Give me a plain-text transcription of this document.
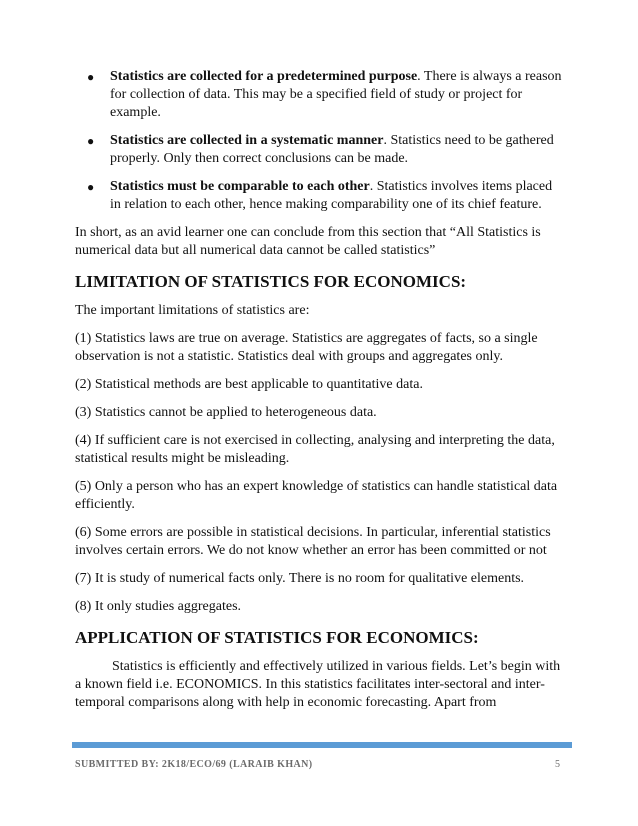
● Statistics are collected for a predetermined purpose. There is always a reason for collection of data. This may be a specified field of study or project for example.
● Statistics are collected in a systematic manner. Statistics need to be gathered properly. Only then correct conclusions can be made.
● Statistics must be comparable to each other. Statistics involves items placed in relation to each other, hence making comparability one of its chief feature.

In short, as an avid learner one can conclude from this section that “All Statistics is numerical data but all numerical data cannot be called statistics”

LIMITATION OF STATISTICS FOR ECONOMICS:

The important limitations of statistics are:

(1) Statistics laws are true on average. Statistics are aggregates of facts, so a single observation is not a statistic. Statistics deal with groups and aggregates only.

(2) Statistical methods are best applicable to quantitative data.

(3) Statistics cannot be applied to heterogeneous data.

(4) If sufficient care is not exercised in collecting, analysing and interpreting the data, statistical results might be misleading.

(5) Only a person who has an expert knowledge of statistics can handle statistical data efficiently.

(6) Some errors are possible in statistical decisions. In particular, inferential statistics involves certain errors. We do not know whether an error has been committed or not

(7) It is study of numerical facts only. There is no room for qualitative elements.

(8) It only studies aggregates.

APPLICATION OF STATISTICS FOR ECONOMICS:

Statistics is efficiently and effectively utilized in various fields. Let’s begin with a known field i.e. ECONOMICS. In this statistics facilitates inter-sectoral and inter-temporal comparisons along with help in economic forecasting. Apart from

SUBMITTED BY: 2K18/ECO/69 (LARAIB KHAN)	5
